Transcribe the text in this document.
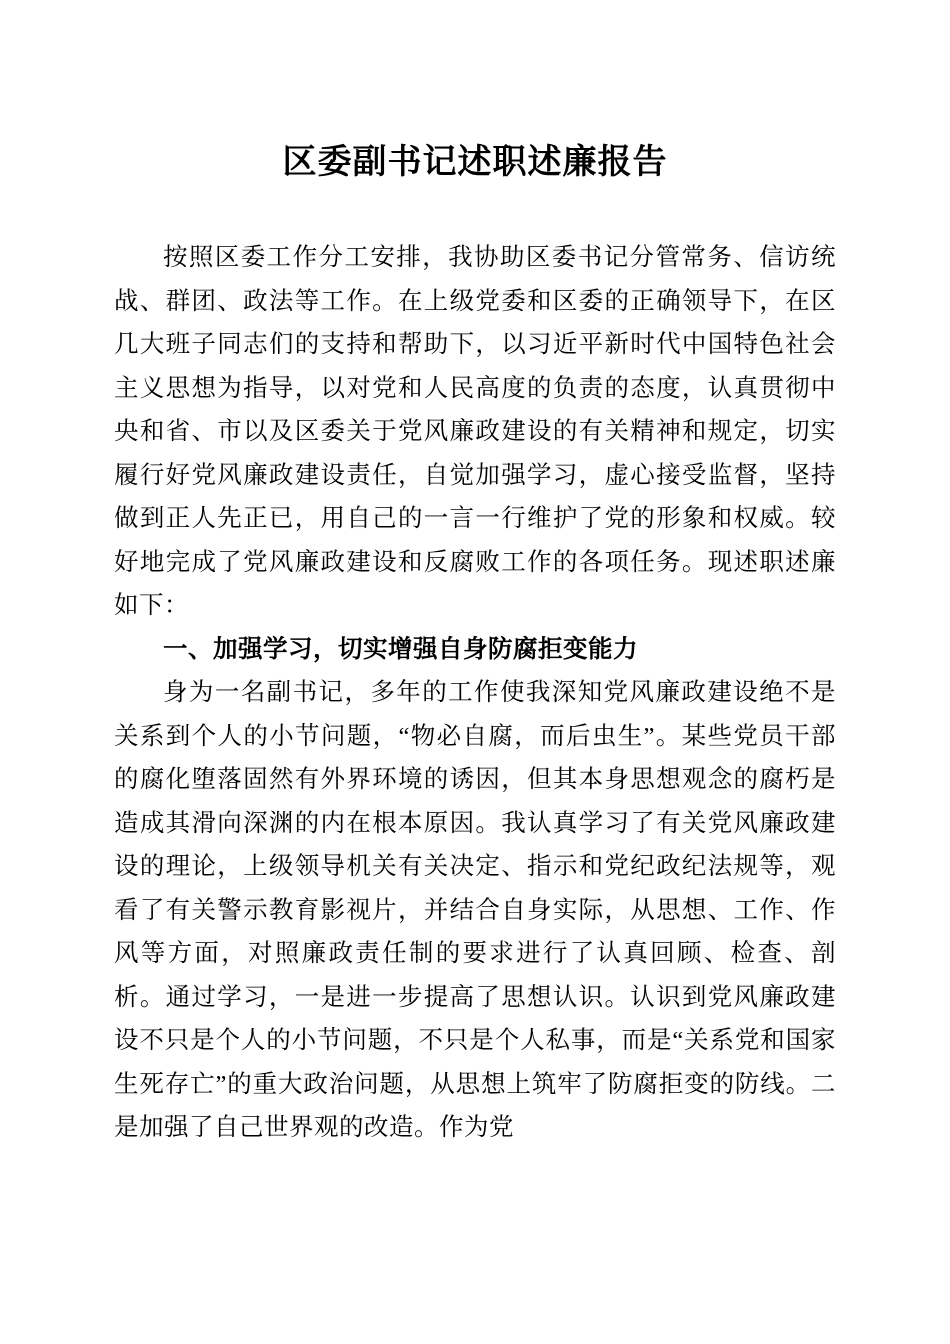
区委副书记述职述廉报告

按照区委工作分工安排，我协助区委书记分管常务、信访统战、群团、政法等工作。在上级党委和区委的正确领导下，在区几大班子同志们的支持和帮助下，以习近平新时代中国特色社会主义思想为指导，以对党和人民高度的负责的态度，认真贯彻中央和省、市以及区委关于党风廉政建设的有关精神和规定，切实履行好党风廉政建设责任，自觉加强学习，虚心接受监督，坚持做到正人先正已，用自己的一言一行维护了党的形象和权威。较好地完成了党风廉政建设和反腐败工作的各项任务。现述职述廉如下：

一、加强学习，切实增强自身防腐拒变能力

身为一名副书记，多年的工作使我深知党风廉政建设绝不是关系到个人的小节问题，“物必自腐，而后虫生”。某些党员干部的腐化堕落固然有外界环境的诱因，但其本身思想观念的腐朽是造成其滑向深渊的内在根本原因。我认真学习了有关党风廉政建设的理论，上级领导机关有关决定、指示和党纪政纪法规等，观看了有关警示教育影视片，并结合自身实际，从思想、工作、作风等方面，对照廉政责任制的要求进行了认真回顾、检查、剖析。通过学习，一是进一步提高了思想认识。认识到党风廉政建设不只是个人的小节问题，不只是个人私事，而是“关系党和国家生死存亡”的重大政治问题，从思想上筑牢了防腐拒变的防线。二是加强了自己世界观的改造。作为党
